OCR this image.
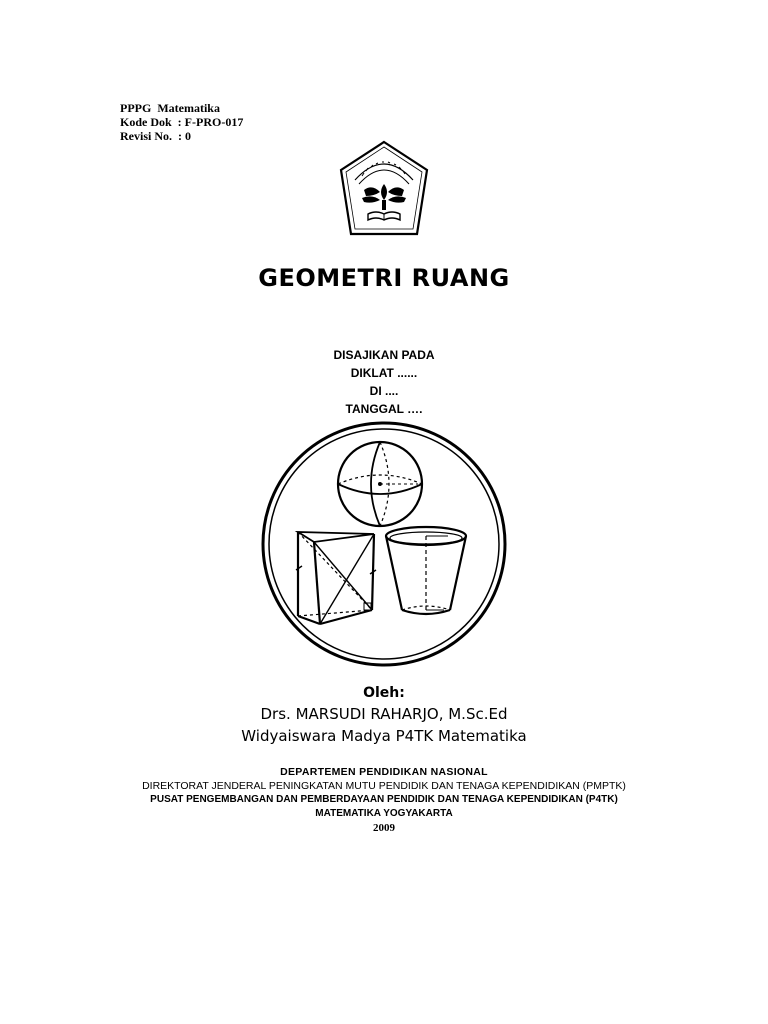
PPPG  Matematika
Kode Dok  : F-PRO-017
Revisi No.  : 0
GEOMETRI RUANG
DISAJIKAN PADA
DIKLAT ......
DI ....
TANGGAL ….
Oleh:
Drs. MARSUDI RAHARJO, M.Sc.Ed
Widyaiswara Madya P4TK Matematika
DEPARTEMEN PENDIDIKAN NASIONAL
DIREKTORAT JENDERAL PENINGKATAN MUTU PENDIDIK DAN TENAGA KEPENDIDIKAN (PMPTK)
PUSAT PENGEMBANGAN DAN PEMBERDAYAAN PENDIDIK DAN TENAGA KEPENDIDIKAN (P4TK)
MATEMATIKA YOGYAKARTA
2009
